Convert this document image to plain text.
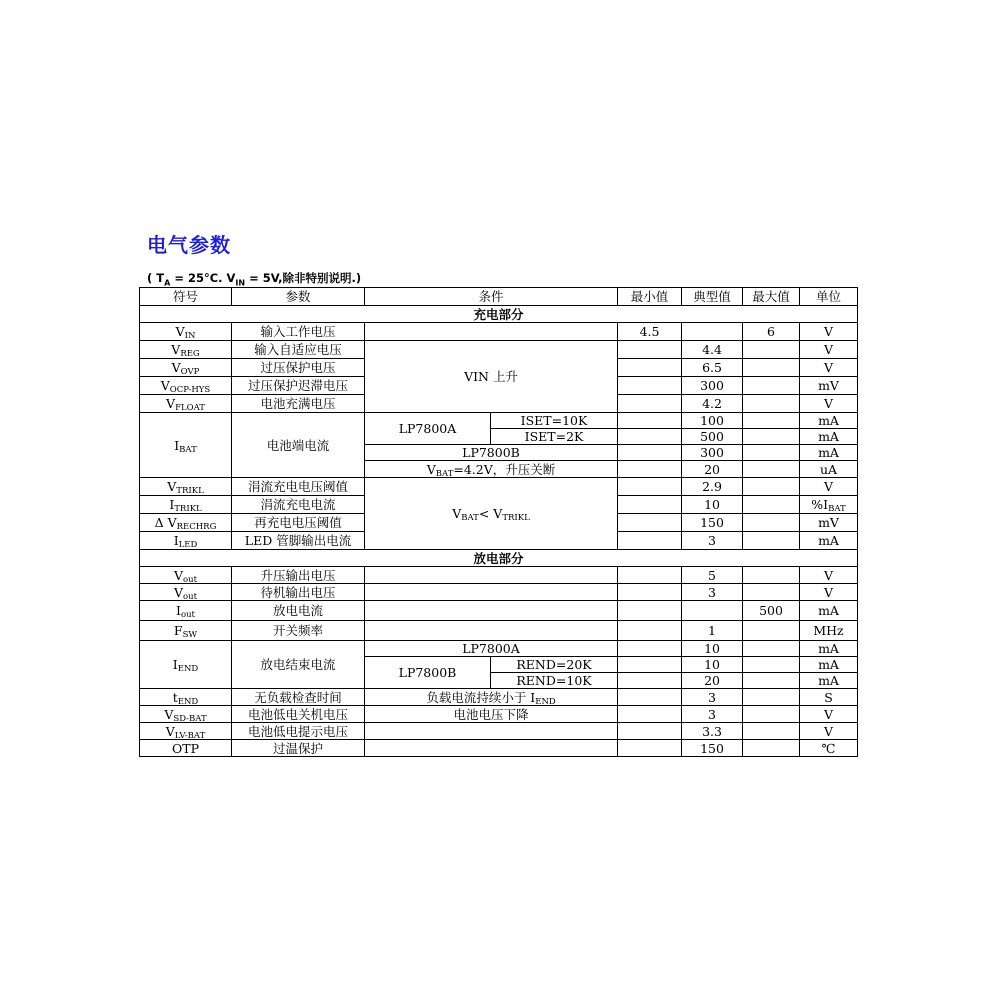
电气参数
( $T_A = 25^\circ C$. $V_{IN} = 5V$,除非特别说明.)
符号	参数	条件		最小值	典型值	最大值	单位
充电部分							
$V_{IN}$	输入工作电压			4.5		6	V
$V_{REG}$	输入自适应电压	VIN 上升			4.4		V
$V_{OVP}$	过压保护电压				6.5		V
$V_{OCP-HYS}$	过压保护迟滞电压				300		mV
$V_{FLOAT}$	电池充满电压				4.2		V
$I_{BAT}$	电池端电流	LP7800A	ISET=10K		100		mA
			ISET=2K		500		mA
		LP7800B			300		mA
		$V_{BAT}=4.2V$，升压关断			20		uA
$V_{TRIKL}$	涓流充电电压阈值	$V_{BAT}< V_{TRIKL}$			2.9		V
$I_{TRIKL}$	涓流充电电流				10		$\%I_{BAT}$
Δ $V_{RECHRG}$	再充电电压阈值				150		mV
$I_{LED}$	LED 管脚输出电流				3		mA
放电部分							
$V_{out}$	升压输出电压				5		V
$V_{out}$	待机输出电压				3		V
$I_{out}$	放电电流					500	mA
$F_{SW}$	开关频率				1		MHz
$I_{END}$	放电结束电流	LP7800A			10		mA
		LP7800B	REND=20K		10		mA
			REND=10K		20		mA
$t_{END}$	无负载检查时间	负载电流持续小于 $I_{END}$			3		S
$V_{SD-BAT}$	电池低电关机电压	电池电压下降			3		V
$V_{LV-BAT}$	电池低电提示电压				3.3		V
OTP	过温保护				150		℃
